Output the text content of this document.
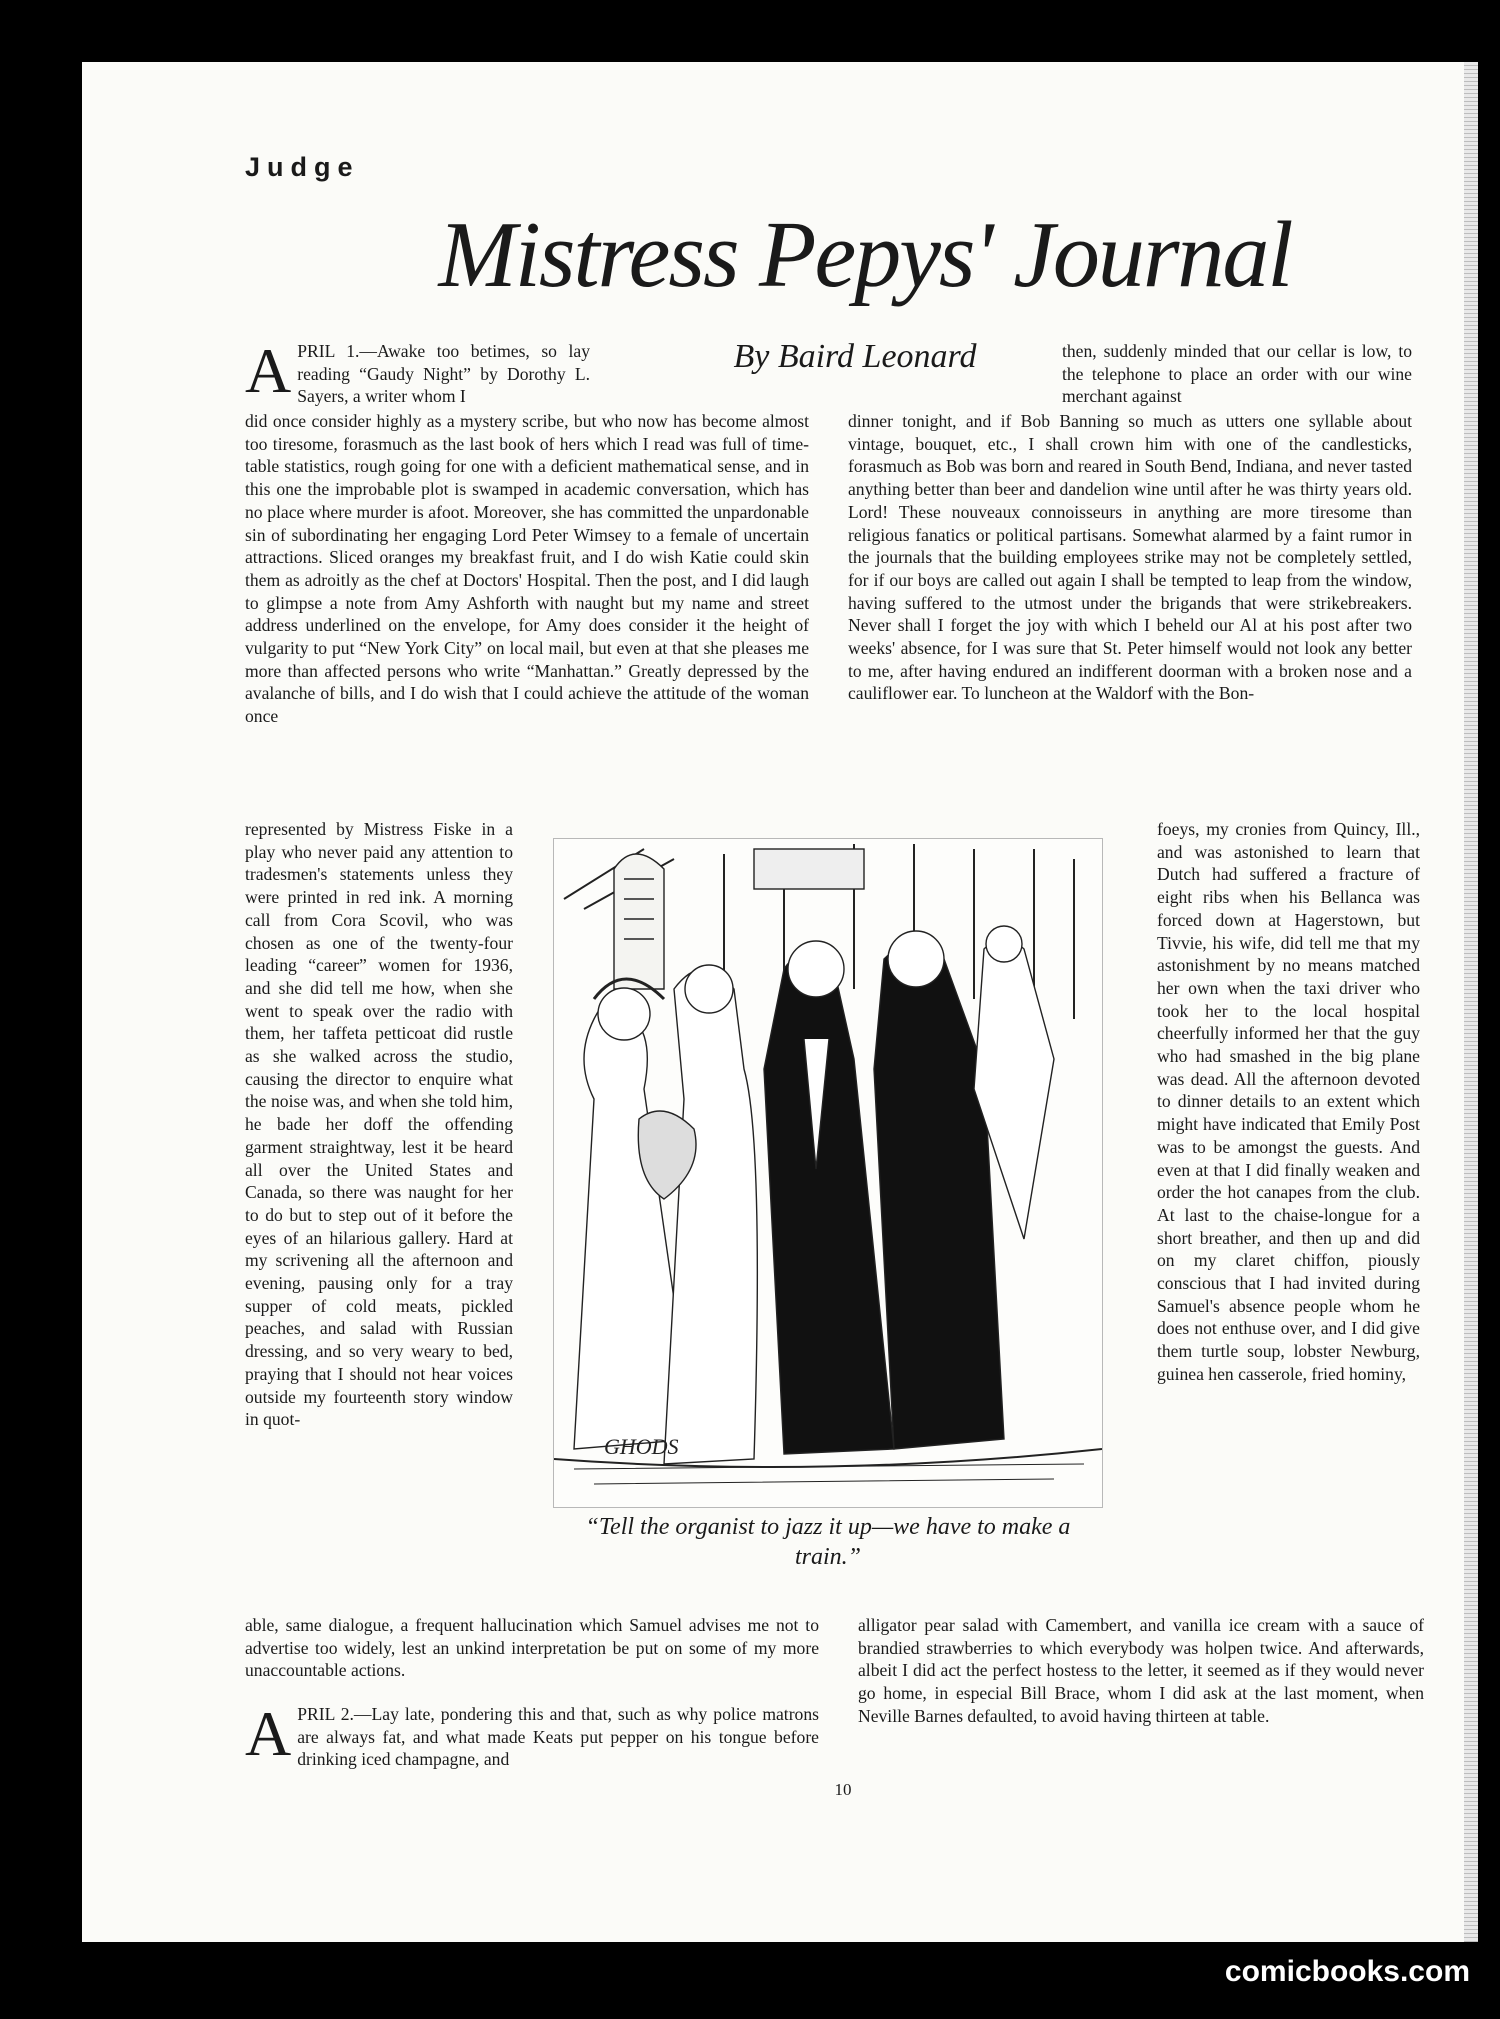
Judge
Mistress Pepys' Journal
By Baird Leonard

A PRIL 1.—Awake too betimes, so lay reading “Gaudy Night” by Dorothy L. Sayers, a writer whom I

did once consider highly as a mystery scribe, but who now has become almost too tiresome, forasmuch as the last book of hers which I read was full of time-table statistics, rough going for one with a deficient mathematical sense, and in this one the improbable plot is swamped in academic conversation, which has no place where murder is afoot. Moreover, she has committed the unpardonable sin of subordinating her engaging Lord Peter Wimsey to a female of uncertain attractions. Sliced oranges my breakfast fruit, and I do wish Katie could skin them as adroitly as the chef at Doctors' Hospital. Then the post, and I did laugh to glimpse a note from Amy Ashforth with naught but my name and street address underlined on the envelope, for Amy does consider it the height of vulgarity to put “New York City” on local mail, but even at that she pleases me more than affected persons who write “Manhattan.” Greatly depressed by the avalanche of bills, and I do wish that I could achieve the attitude of the woman once

represented by Mistress Fiske in a play who never paid any attention to tradesmen's statements unless they were printed in red ink. A morning call from Cora Scovil, who was chosen as one of the twenty-four leading “career” women for 1936, and she did tell me how, when she went to speak over the radio with them, her taffeta petticoat did rustle as she walked across the studio, causing the director to enquire what the noise was, and when she told him, he bade her doff the offending garment straightway, lest it be heard all over the United States and Canada, so there was naught for her to do but to step out of it before the eyes of an hilarious gallery. Hard at my scrivening all the afternoon and evening, pausing only for a tray supper of cold meats, pickled peaches, and salad with Russian dressing, and so very weary to bed, praying that I should not hear voices outside my fourteenth story window in quot-

able, same dialogue, a frequent hallucination which Samuel advises me not to advertise too widely, lest an unkind interpretation be put on some of my more unaccountable actions.

A PRIL 2.—Lay late, pondering this and that, such as why police matrons are always fat, and what made Keats put pepper on his tongue before drinking iced champagne, and

then, suddenly minded that our cellar is low, to the telephone to place an order with our wine merchant against

dinner tonight, and if Bob Banning so much as utters one syllable about vintage, bouquet, etc., I shall crown him with one of the candlesticks, forasmuch as Bob was born and reared in South Bend, Indiana, and never tasted anything better than beer and dandelion wine until after he was thirty years old. Lord! These nouveaux connoisseurs in anything are more tiresome than religious fanatics or political partisans. Somewhat alarmed by a faint rumor in the journals that the building employees strike may not be completely settled, for if our boys are called out again I shall be tempted to leap from the window, having suffered to the utmost under the brigands that were strikebreakers. Never shall I forget the joy with which I beheld our Al at his post after two weeks' absence, for I was sure that St. Peter himself would not look any better to me, after having endured an indifferent doorman with a broken nose and a cauliflower ear. To luncheon at the Waldorf with the Bon-

foeys, my cronies from Quincy, Ill., and was astonished to learn that Dutch had suffered a fracture of eight ribs when his Bellanca was forced down at Hagerstown, but Tivvie, his wife, did tell me that my astonishment by no means matched her own when the taxi driver who took her to the local hospital cheerfully informed her that the guy who had smashed in the big plane was dead. All the afternoon devoted to dinner details to an extent which might have indicated that Emily Post was to be amongst the guests. And even at that I did finally weaken and order the hot canapes from the club. At last to the chaise-longue for a short breather, and then up and did on my claret chiffon, piously conscious that I had invited during Samuel's absence people whom he does not enthuse over, and I did give them turtle soup, lobster Newburg, guinea hen casserole, fried hominy,

alligator pear salad with Camembert, and vanilla ice cream with a sauce of brandied strawberries to which everybody was holpen twice. And afterwards, albeit I did act the perfect hostess to the letter, it seemed as if they would never go home, in especial Bill Brace, whom I did ask at the last moment, when Neville Barnes defaulted, to avoid having thirteen at table.

GHODS
“Tell the organist to jazz it up—we have to make a train.”
10
comicbooks.com
